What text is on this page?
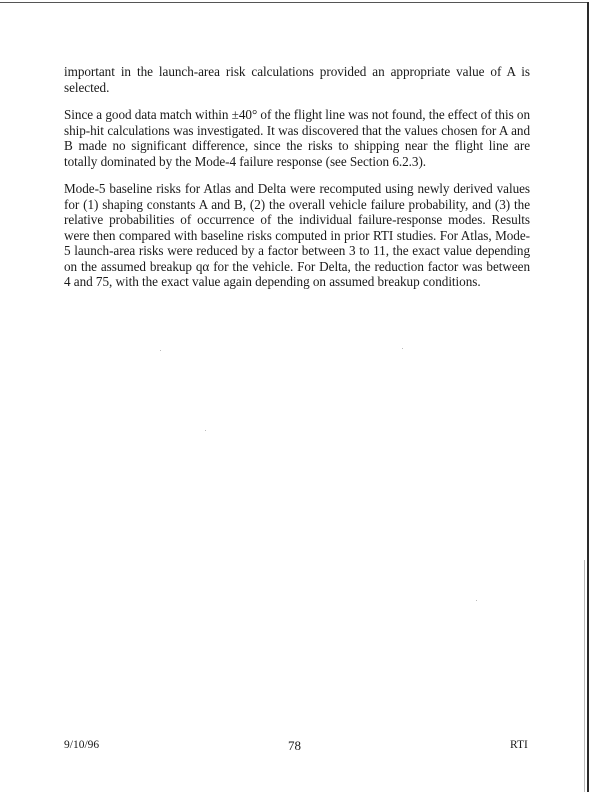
important in the launch-area risk calculations provided an appropriate value of A is selected.

Since a good data match within ±40° of the flight line was not found, the effect of this on ship-hit calculations was investigated. It was discovered that the values chosen for A and B made no significant difference, since the risks to shipping near the flight line are totally dominated by the Mode-4 failure response (see Section 6.2.3).

Mode-5 baseline risks for Atlas and Delta were recomputed using newly derived values for (1) shaping constants A and B, (2) the overall vehicle failure probability, and (3) the relative probabilities of occurrence of the individual failure-response modes. Results were then compared with baseline risks computed in prior RTI studies. For Atlas, Mode-5 launch-area risks were reduced by a factor between 3 to 11, the exact value depending on the assumed breakup qα for the vehicle. For Delta, the reduction factor was between 4 and 75, with the exact value again depending on assumed breakup conditions.

9/10/96	78	RTI
